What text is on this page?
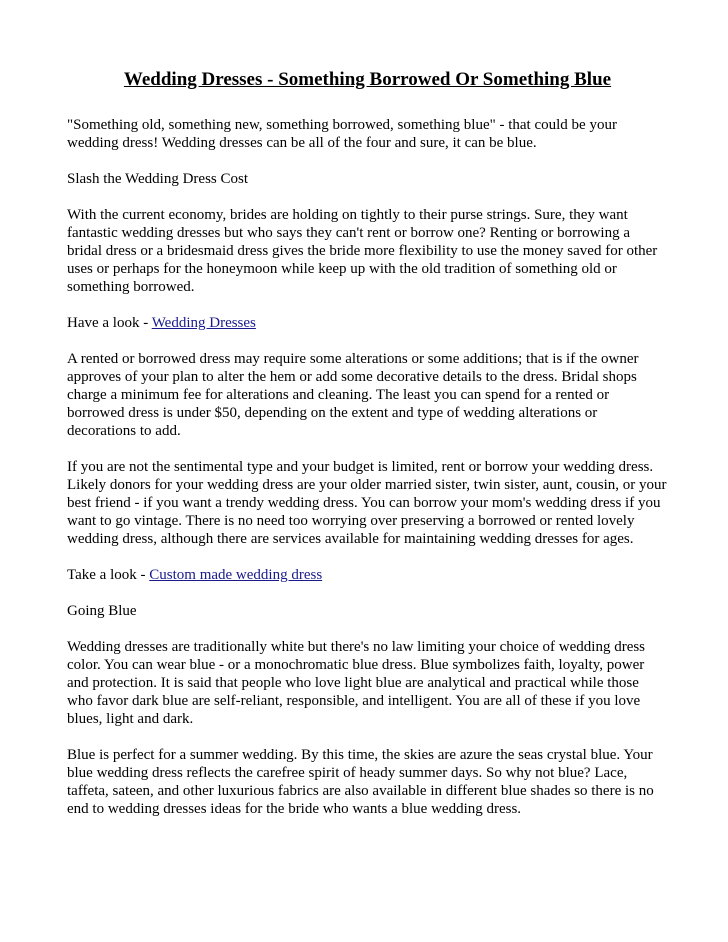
Wedding Dresses - Something Borrowed Or Something Blue

"Something old, something new, something borrowed, something blue" - that could be your wedding dress! Wedding dresses can be all of the four and sure, it can be blue.

Slash the Wedding Dress Cost

With the current economy, brides are holding on tightly to their purse strings. Sure, they want fantastic wedding dresses but who says they can't rent or borrow one? Renting or borrowing a bridal dress or a bridesmaid dress gives the bride more flexibility to use the money saved for other uses or perhaps for the honeymoon while keep up with the old tradition of something old or something borrowed.

Have a look - Wedding Dresses

A rented or borrowed dress may require some alterations or some additions; that is if the owner approves of your plan to alter the hem or add some decorative details to the dress. Bridal shops charge a minimum fee for alterations and cleaning. The least you can spend for a rented or borrowed dress is under $50, depending on the extent and type of wedding alterations or decorations to add.

If you are not the sentimental type and your budget is limited, rent or borrow your wedding dress. Likely donors for your wedding dress are your older married sister, twin sister, aunt, cousin, or your best friend - if you want a trendy wedding dress. You can borrow your mom's wedding dress if you want to go vintage. There is no need too worrying over preserving a borrowed or rented lovely wedding dress, although there are services available for maintaining wedding dresses for ages.

Take a look - Custom made wedding dress

Going Blue

Wedding dresses are traditionally white but there's no law limiting your choice of wedding dress color. You can wear blue - or a monochromatic blue dress. Blue symbolizes faith, loyalty, power and protection. It is said that people who love light blue are analytical and practical while those who favor dark blue are self-reliant, responsible, and intelligent. You are all of these if you love blues, light and dark.

Blue is perfect for a summer wedding. By this time, the skies are azure the seas crystal blue. Your blue wedding dress reflects the carefree spirit of heady summer days. So why not blue? Lace, taffeta, sateen, and other luxurious fabrics are also available in different blue shades so there is no end to wedding dresses ideas for the bride who wants a blue wedding dress.
